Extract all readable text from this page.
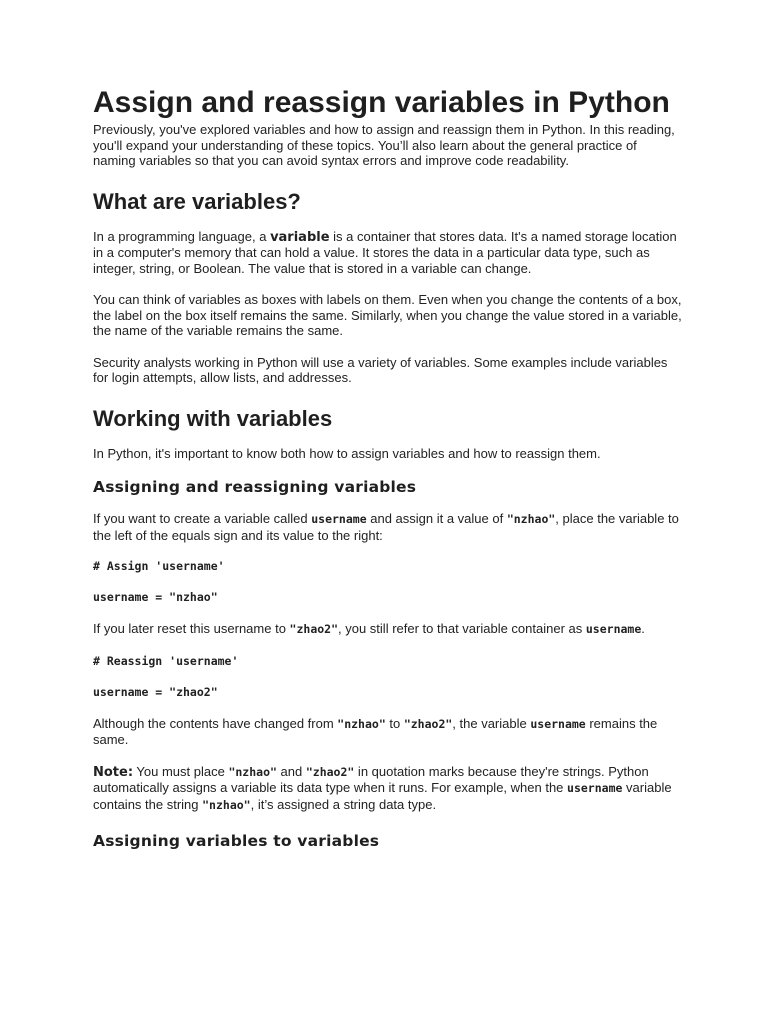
Assign and reassign variables in Python

Previously, you've explored variables and how to assign and reassign them in Python. In this reading, you'll expand your understanding of these topics. You’ll also learn about the general practice of naming variables so that you can avoid syntax errors and improve code readability.

What are variables?

In a programming language, a variable is a container that stores data. It's a named storage location in a computer's memory that can hold a value. It stores the data in a particular data type, such as integer, string, or Boolean. The value that is stored in a variable can change.

You can think of variables as boxes with labels on them. Even when you change the contents of a box, the label on the box itself remains the same. Similarly, when you change the value stored in a variable, the name of the variable remains the same.

Security analysts working in Python will use a variety of variables. Some examples include variables for login attempts, allow lists, and addresses.

Working with variables

In Python, it's important to know both how to assign variables and how to reassign them.

Assigning and reassigning variables

If you want to create a variable called username and assign it a value of "nzhao", place the variable to the left of the equals sign and its value to the right:

# Assign 'username'
username = "nzhao"

If you later reset this username to "zhao2", you still refer to that variable container as username.

# Reassign 'username'
username = "zhao2"

Although the contents have changed from "nzhao" to "zhao2", the variable username remains the same.

Note: You must place "nzhao" and "zhao2" in quotation marks because they're strings. Python automatically assigns a variable its data type when it runs. For example, when the username variable contains the string "nzhao", it’s assigned a string data type.

Assigning variables to variables
